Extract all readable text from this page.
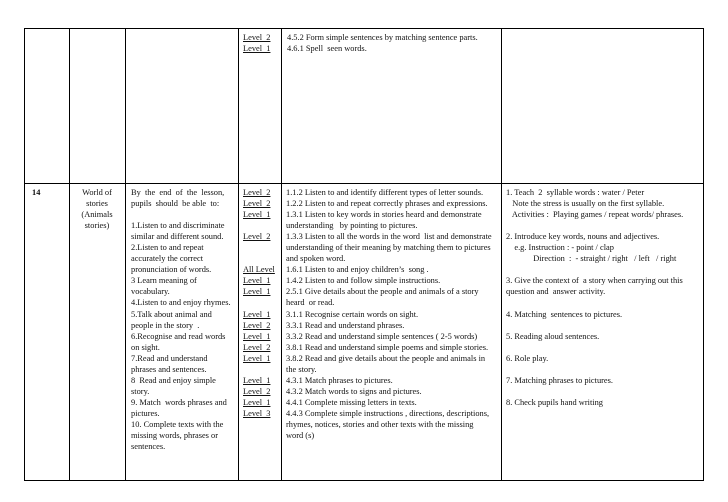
Level  2
Level  1
4.5.2 Form simple sentences by matching sentence parts.
4.6.1 Spell  seen words.
14	World of
stories
(Animals
stories)
By  the  end  of  the  lesson,
pupils  should  be able  to:
1.Listen to and discriminate
similar and different sound.
2.Listen to and repeat
accurately the correct
pronunciation of words.
3 Learn meaning of
vocabulary.
4.Listen to and enjoy rhymes.
5.Talk about animal and
people in the story  .
6.Recognise and read words
on sight.
7.Read and understand
phrases and sentences.
8  Read and enjoy simple
story.
9. Match  words phrases and
pictures.
10. Complete texts with the
missing words, phrases or
sentences.
Level  2
Level  2
Level  1
Level  2
All Level
Level  1
Level  1
Level  1
Level  2
Level  1
Level  2
Level  1
Level  1
Level  2
Level  1
Level  3
1.1.2 Listen to and identify different types of letter sounds.
1.2.2 Listen to and repeat correctly phrases and expressions.
1.3.1 Listen to key words in stories heard and demonstrate
understanding   by pointing to pictures.
1.3.3 Listen to all the words in the word  list and demonstrate
understanding of their meaning by matching them to pictures
and spoken word.
1.6.1 Listen to and enjoy children’s  song .
1.4.2 Listen to and follow simple instructions.
2.5.1 Give details about the people and animals of a story
heard  or read.
3.1.1 Recognise certain words on sight.
3.3.1 Read and understand phrases.
3.3.2 Read and understand simple sentences ( 2-5 words)
3.8.1 Read and understand simple poems and simple stories.
3.8.2 Read and give details about the people and animals in
the story.
4.3.1 Match phrases to pictures.
4.3.2 Match words to signs and pictures.
4.4.1 Complete missing letters in texts.
4.4.3 Complete simple instructions , directions, descriptions,
rhymes, notices, stories and other texts with the missing
word (s)
1. Teach  2  syllable words : water / Peter
Note the stress is usually on the first syllable.
Activities :  Playing games / repeat words/ phrases.
2. Introduce key words, nouns and adjectives.
e.g. Instruction : - point / clap
Direction  :  - straight / right   / left   / right
3. Give the context of  a story when carrying out this
question and  answer activity.
4. Matching  sentences to pictures.
5. Reading aloud sentences.
6. Role play.
7. Matching phrases to pictures.
8. Check pupils hand writing
